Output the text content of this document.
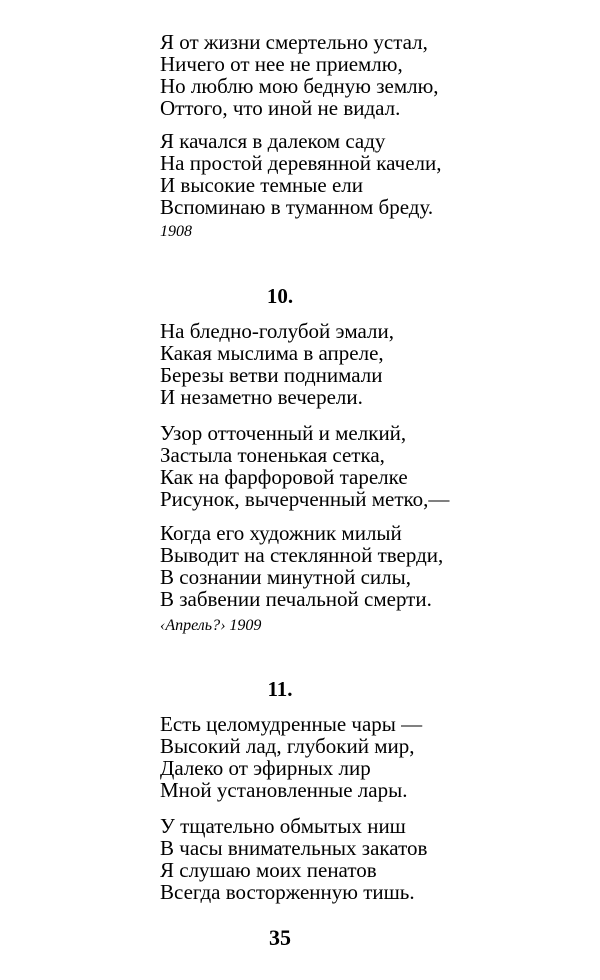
Я от жизни смертельно устал,
Ничего от нее не приемлю,
Но люблю мою бедную землю,
Оттого, что иной не видал.
Я качался в далеком саду
На простой деревянной качели,
И высокие темные ели
Вспоминаю в туманном бреду.
1908
10.
На бледно-голубой эмали,
Какая мыслима в апреле,
Березы ветви поднимали
И незаметно вечерели.
Узор отточенный и мелкий,
Застыла тоненькая сетка,
Как на фарфоровой тарелке
Рисунок, вычерченный метко,—
Когда его художник милый
Выводит на стеклянной тверди,
В сознании минутной силы,
В забвении печальной смерти.
‹Апрель?› 1909
11.
Есть целомудренные чары —
Высокий лад, глубокий мир,
Далеко от эфирных лир
Мной установленные лары.
У тщательно обмытых ниш
В часы внимательных закатов
Я слушаю моих пенатов
Всегда восторженную тишь.
35
